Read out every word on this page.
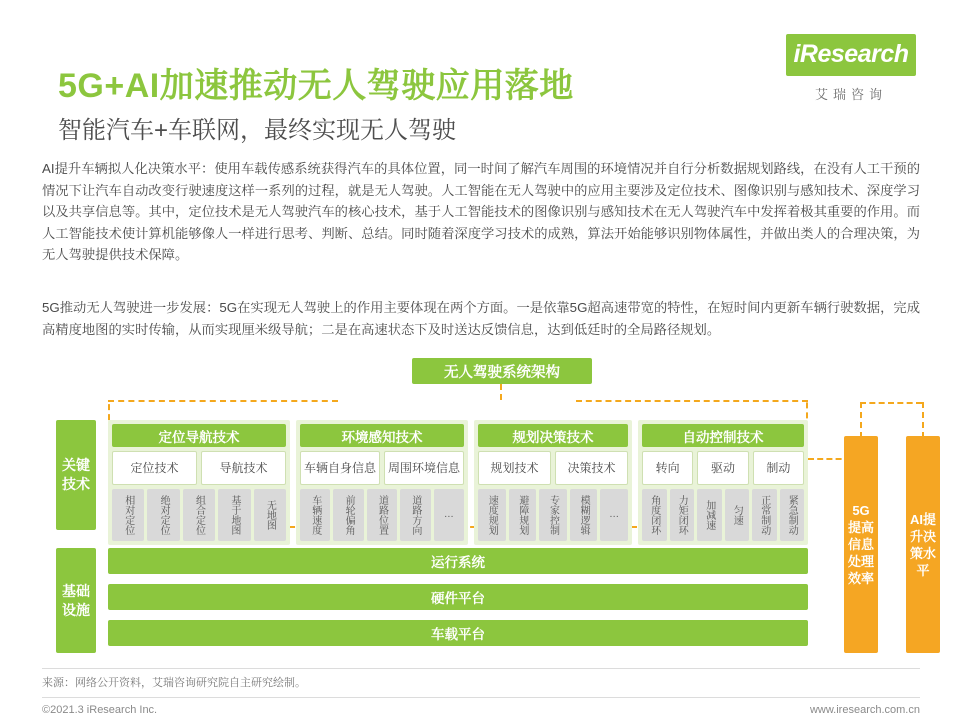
iResearch
艾瑞咨询
5G+AI加速推动无人驾驶应用落地
智能汽车+车联网，最终实现无人驾驶
AI提升车辆拟人化决策水平：使用车载传感系统获得汽车的具体位置，同一时间了解汽车周围的环境情况并自行分析数据规划路线，在没有人工干预的情况下让汽车自动改变行驶速度这样一系列的过程，就是无人驾驶。人工智能在无人驾驶中的应用主要涉及定位技术、图像识别与感知技术、深度学习以及共享信息等。其中，定位技术是无人驾驶汽车的核心技术，基于人工智能技术的图像识别与感知技术在无人驾驶汽车中发挥着极其重要的作用。而人工智能技术使计算机能够像人一样进行思考、判断、总结。同时随着深度学习技术的成熟，算法开始能够识别物体属性，并做出类人的合理决策，为无人驾驶提供技术保障。
5G推动无人驾驶进一步发展：5G在实现无人驾驶上的作用主要体现在两个方面。一是依靠5G超高速带宽的特性，在短时间内更新车辆行驶数据，完成高精度地图的实时传输，从而实现厘米级导航；二是在高速状态下及时送达反馈信息，达到低廷时的全局路径规划。
无人驾驶系统架构
关键技术
基础设施
定位导航技术
定位技术	导航技术
相对定位	绝对定位	组合定位	基于地图	无地图
环境感知技术
车辆自身信息 周围环境信息
车辆速度	前轮偏角	道路位置	道路方向	…
规划决策技术
规划技术	决策技术
速度规划	避障规划	专家控制	模糊逻辑	…
自动控制技术
转向	驱动	制动
角度闭环	力矩闭环	加减速	匀速	正常制动	紧急制动
运行系统
硬件平台
车载平台
5G提高信息处理效率
AI提升决策水平
来源：网络公开资料，艾瑞咨询研究院自主研究绘制。
©2021.3 iResearch Inc.	www.iresearch.com.cn
